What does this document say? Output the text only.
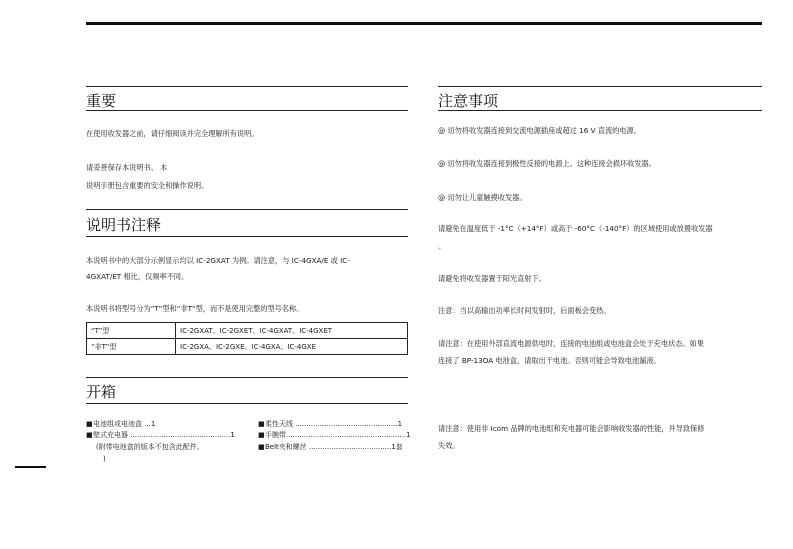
重要
在使用收发器之前，请仔细阅读并完全理解所有说明。
请妥善保存本说明书。 本
说明手册包含重要的安全和操作说明。
说明书注释
本说明书中的大部分示例显示均以 IC-2GXAT 为例。请注意，与 IC-4GXA/E 或 IC-
4GXAT/ET 相比，仅频率不同。
本说明书将型号分为“T”型和“非T”型，而不是使用完整的型号名称。
“T”型	IC-2GXAT、IC-2GXET、IC-4GXAT、IC-4GXET
“非T”型	IC-2GXA、IC-2GXE、IC-4GXA、IC-4GXE
开箱
■电池组或电池盒 ...1
■壁式充电器 .............................................1
(附带电池盒的版本不包含此配件。
)
■柔性天线 ..............................................1
■手腕带......................................................1
■Belt夹和螺丝 .....................................1套
注意事项
@ 切勿将收发器连接到交流电源插座或超过 16 V 直流的电源。
@ 切勿将收发器连接到极性反接的电源上。这种连接会损坏收发器。
@ 切勿让儿童触摸收发器。
请避免在温度低于 -1°C（+14°F）或高于 -60°C（-140°F）的区域使用或放置收发器
。
请避免将收发器置于阳光直射下。
注意：当以高输出功率长时间发射时，后面板会变热。
请注意：在使用外部直流电源供电时，连接的电池组或电池盒会处于充电状态。如果
连接了 BP-13OA 电池盒，请取出干电池。否则可能会导致电池漏液。
请注意：使用非 Icom 品牌的电池组和充电器可能会影响收发器的性能，并导致保修
失效。
